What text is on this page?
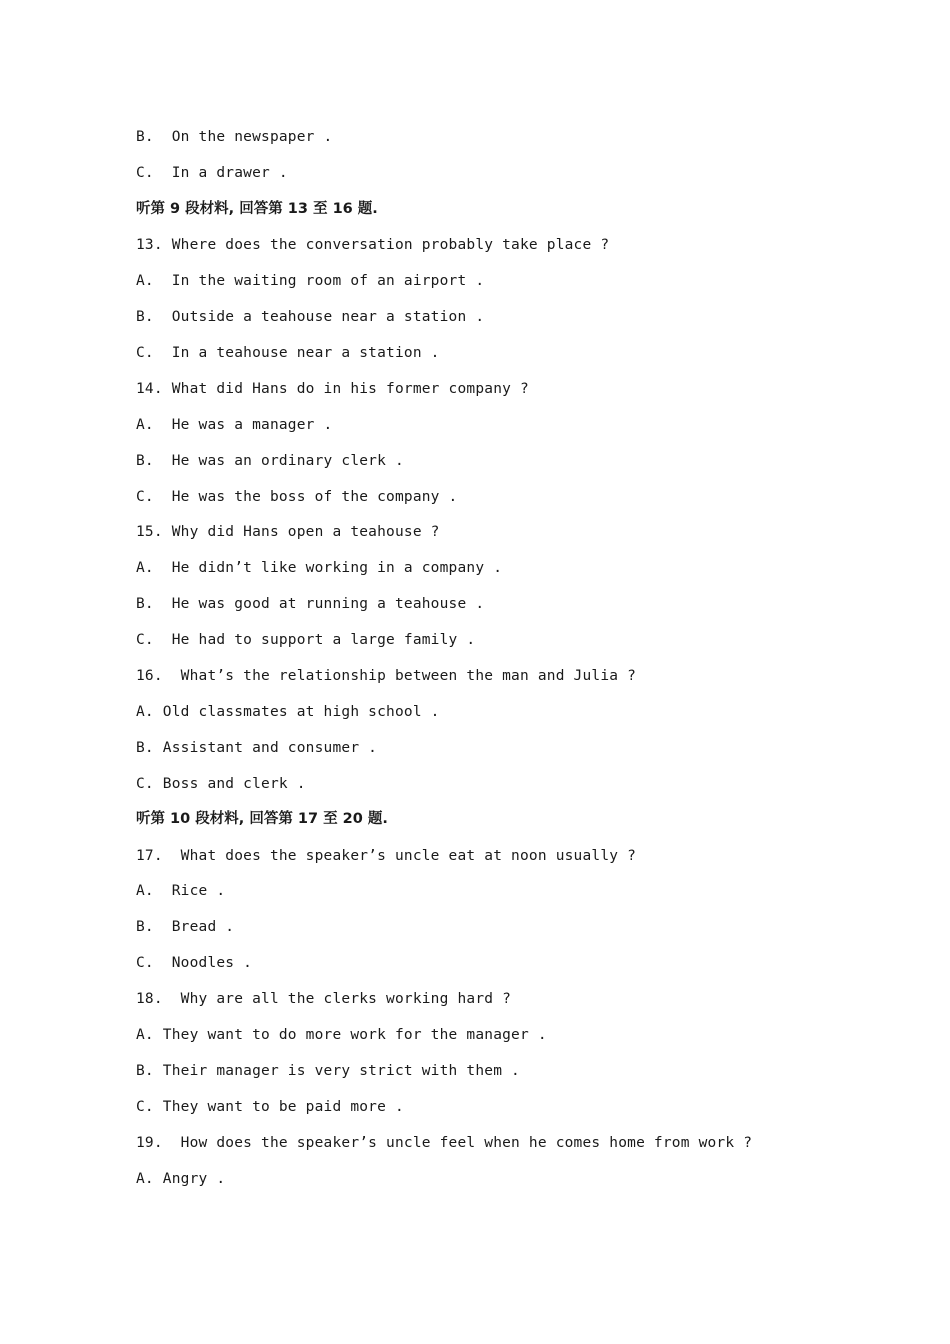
B.  On the newspaper .
C.  In a drawer .
听第 9 段材料, 回答第 13 至 16 题.
13. Where does the conversation probably take place ?
A.  In the waiting room of an airport .
B.  Outside a teahouse near a station .
C.  In a teahouse near a station .
14. What did Hans do in his former company ?
A.  He was a manager .
B.  He was an ordinary clerk .
C.  He was the boss of the company .
15. Why did Hans open a teahouse ?
A.  He didn’t like working in a company .
B.  He was good at running a teahouse .
C.  He had to support a large family .
16.  What’s the relationship between the man and Julia ?
A. Old classmates at high school .
B. Assistant and consumer .
C. Boss and clerk .
听第 10 段材料, 回答第 17 至 20 题.
17.  What does the speaker’s uncle eat at noon usually ?
A.  Rice .
B.  Bread .
C.  Noodles .
18.  Why are all the clerks working hard ?
A. They want to do more work for the manager .
B. Their manager is very strict with them .
C. They want to be paid more .
19.  How does the speaker’s uncle feel when he comes home from work ?
A. Angry .
